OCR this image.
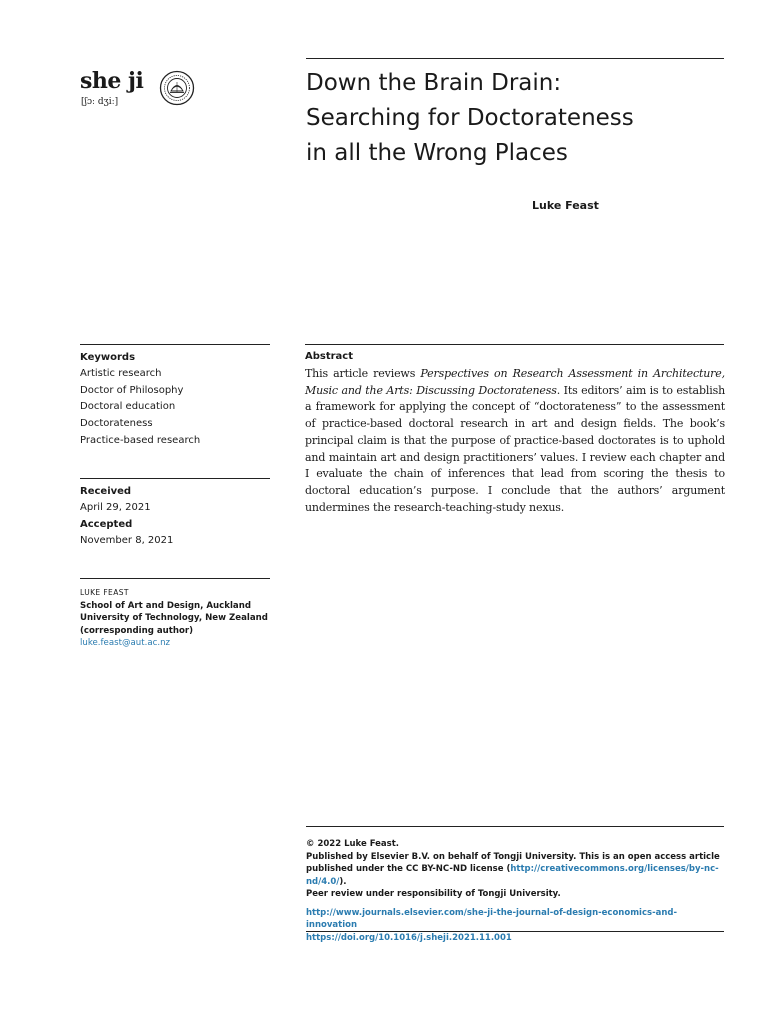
she ji
[ʃɔː dʒiː]
Down the Brain Drain:
Searching for Doctorateness
in all the Wrong Places
Luke Feast
Keywords
Artistic research
Doctor of Philosophy
Doctoral education
Doctorateness
Practice-based research
Received
April 29, 2021
Accepted
November 8, 2021
LUKE FEAST
School of Art and Design, Auckland
University of Technology, New Zealand
(corresponding author)
luke.feast@aut.ac.nz
Abstract
This article reviews Perspectives on Research Assessment in Architecture, Music and the Arts: Discussing Doctorateness. Its editors’ aim is to establish a framework for applying the concept of “doctorateness” to the assessment of practice-based doctoral research in art and design fields. The book’s principal claim is that the purpose of practice-based doctorates is to uphold and maintain art and design practitioners’ values. I review each chapter and I evaluate the chain of inferences that lead from scoring the thesis to doctoral education’s purpose. I conclude that the authors’ argument undermines the research-teaching-study nexus.
© 2022 Luke Feast.
Published by Elsevier B.V. on behalf of Tongji University. This is an open access article published under the CC BY-NC-ND license (http://creativecommons.org/licenses/by-nc-nd/4.0/).
Peer review under responsibility of Tongji University.
http://www.journals.elsevier.com/she-ji-the-journal-of-design-economics-and-innovation
https://doi.org/10.1016/j.sheji.2021.11.001
